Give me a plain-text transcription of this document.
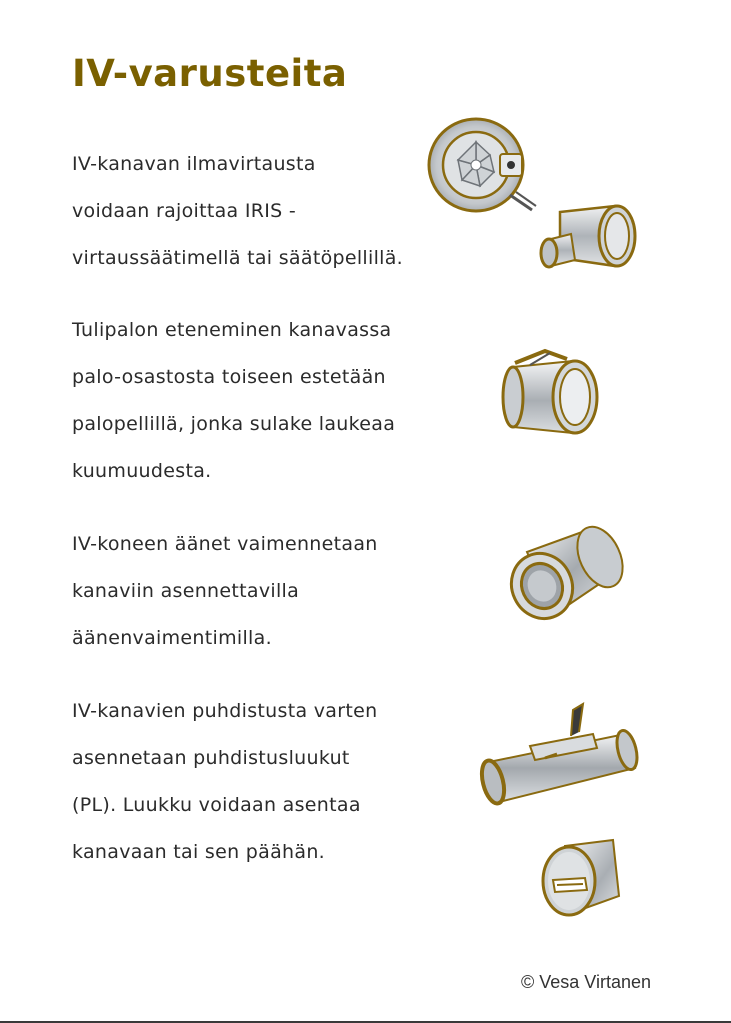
IV-varusteita

IV-kanavan ilmavirtausta
voidaan rajoittaa IRIS -
virtaussäätimellä tai säätöpellillä.

Tulipalon eteneminen kanavassa
palo-osastosta toiseen estetään
palopellillä, jonka sulake laukeaa
kuumuudesta.

IV-koneen äänet vaimennetaan
kanaviin asennettavilla
äänenvaimentimilla.

IV-kanavien puhdistusta varten
asennetaan puhdistusluukut
(PL). Luukku voidaan asentaa
kanavaan tai sen päähän.

© Vesa Virtanen
